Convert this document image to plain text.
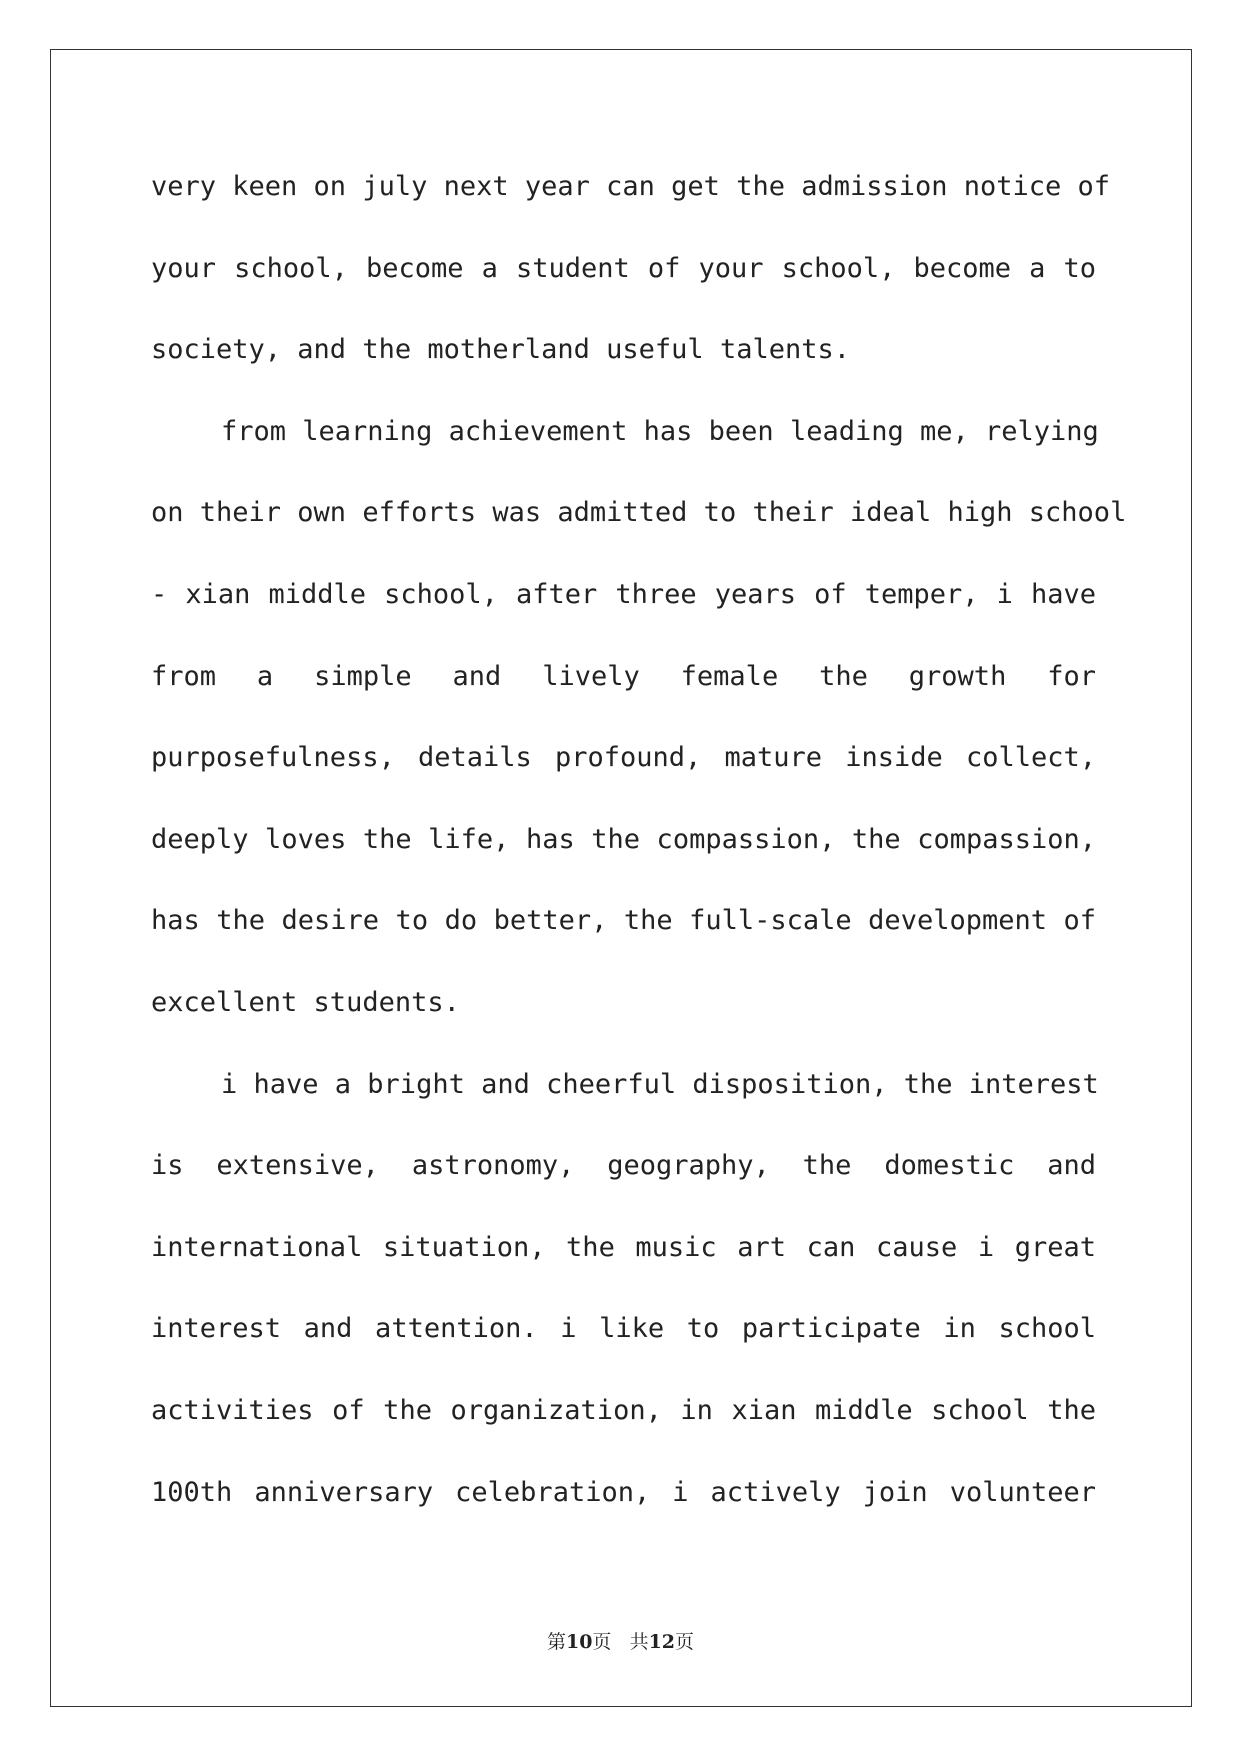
very keen on july next year can get the admission notice of
your school, become a student of your school, become a to
society, and the motherland useful talents.
from learning achievement has been leading me, relying
on their own efforts was admitted to their ideal high school
- xian middle school, after three years of temper, i have
from a simple and lively female the growth for
purposefulness, details profound, mature inside collect,
deeply loves the life, has the compassion, the compassion,
has the desire to do better, the full-scale development of
excellent students.
i have a bright and cheerful disposition, the interest
is extensive, astronomy, geography, the domestic and
international situation, the music art can cause i great
interest and attention. i like to participate in school
activities of the organization, in xian middle school the
100th anniversary celebration, i actively join volunteer
第10页 共12页
